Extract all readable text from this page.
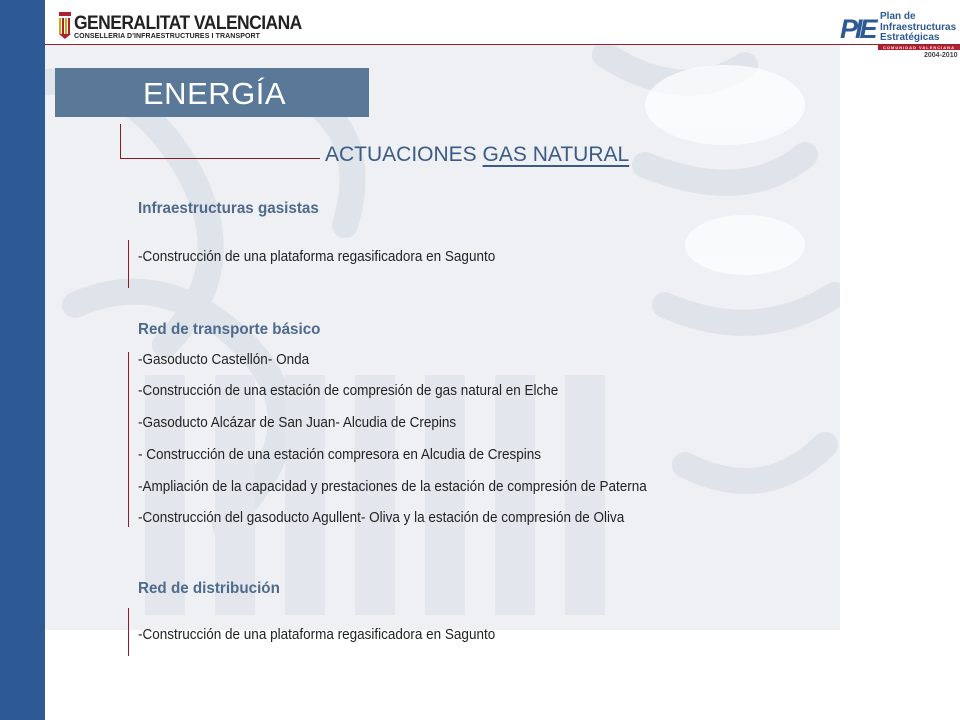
GENERALITAT VALENCIANA
CONSELLERIA D'INFRAESTRUCTURES I TRANSPORT	PIE Plan de
Infraestructuras
Estratégicas
COMUNIDAD VALENCIANA
2004-2010
ENERGÍA
ACTUACIONES GAS NATURAL
Infraestructuras gasistas
-Construcción de una plataforma regasificadora en Sagunto
Red de transporte básico
-Gasoducto Castellón- Onda
-Construcción de una estación de compresión de gas natural en Elche
-Gasoducto Alcázar de San Juan- Alcudia de Crepins
- Construcción de una estación compresora en Alcudia de Crespins
-Ampliación de la capacidad y prestaciones de la estación de compresión de Paterna
-Construcción del gasoducto Agullent- Oliva y la estación de compresión de Oliva
Red de distribución
-Construcción de una plataforma regasificadora en Sagunto
